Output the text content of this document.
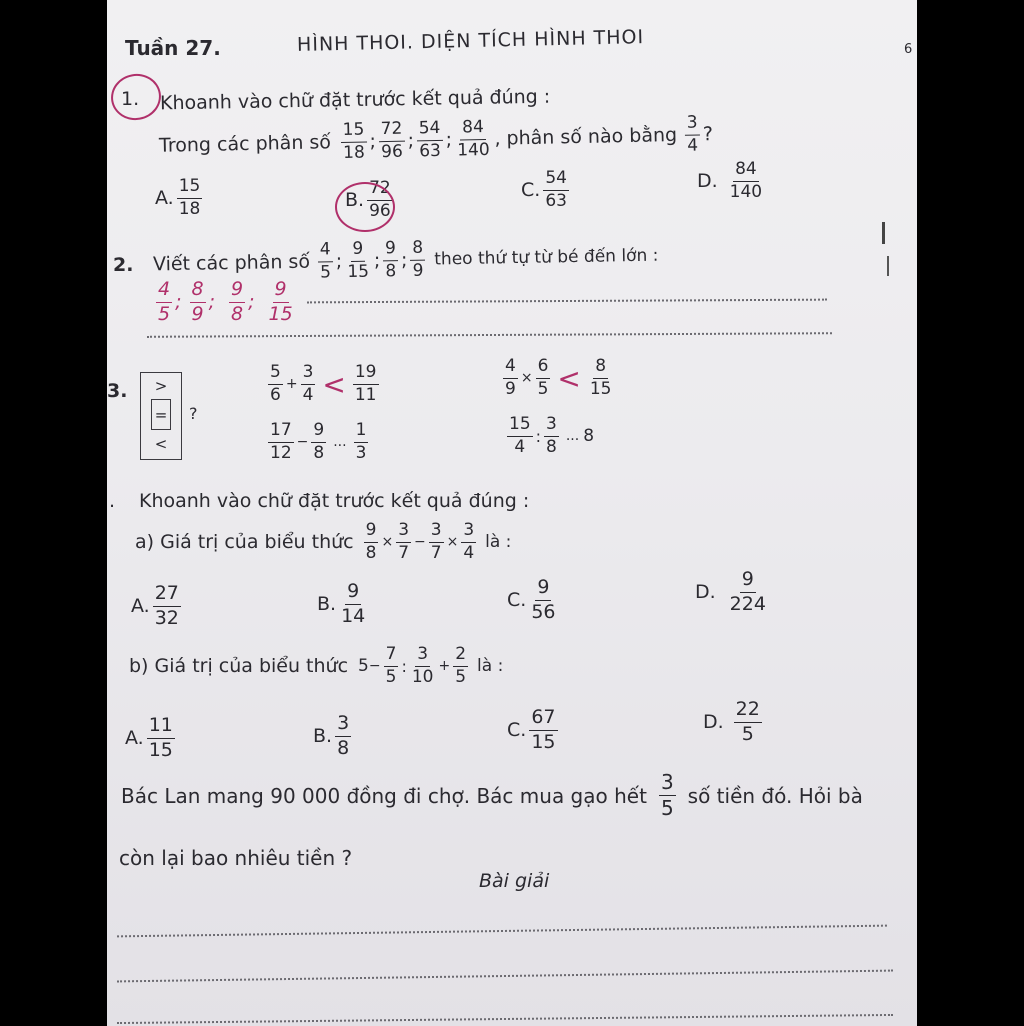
Tuần 27.	HÌNH THOI. DIỆN TÍCH HÌNH THOI	6
1. Khoanh vào chữ đặt trước kết quả đúng :
Trong các phân số $\frac{15}{18}$ ; $\frac{72}{96}$ ; $\frac{54}{63}$ ; $\frac{84}{140}$ , phân số nào bằng $\frac{3}{4}$ ?
A. $\frac{15}{18}$	B. $\frac{72}{96}$	C. $\frac{54}{63}$	D. $\frac{84}{140}$
2. Viết các phân số $\frac{4}{5}$ ; $\frac{9}{15}$ ; $\frac{9}{8}$ ; $\frac{8}{9}$ theo thứ tự từ bé đến lớn :
$\frac{4}{5}$ ; $\frac{8}{9}$ ; $\frac{9}{8}$ ; $\frac{9}{15}$
3.	>
=
<
?
$\frac{5}{6} + \frac{3}{4} < \frac{19}{11}$	$\frac{4}{9} \times \frac{6}{5} < \frac{8}{15}$
$\frac{17}{12} - \frac{9}{8}$ ... $\frac{1}{3}$	$\frac{15}{4}$ : $\frac{3}{8}$ ... 8
. Khoanh vào chữ đặt trước kết quả đúng :
a) Giá trị của biểu thức $\frac{9}{8} \times \frac{3}{7} - \frac{3}{7} \times \frac{3}{4}$ là :
A. $\frac{27}{32}$	B. $\frac{9}{14}$	C. $\frac{9}{56}$	D. $\frac{9}{224}$
b) Giá trị của biểu thức $5 - \frac{7}{5}$ : $\frac{3}{10} + \frac{2}{5}$ là :
A. $\frac{11}{15}$	B. $\frac{3}{8}$	C. $\frac{67}{15}$	D. $\frac{22}{5}$
Bác Lan mang 90 000 đồng đi chợ. Bác mua gạo hết $\frac{3}{5}$ số tiền đó. Hỏi bà
còn lại bao nhiêu tiền ?
Bài giải
